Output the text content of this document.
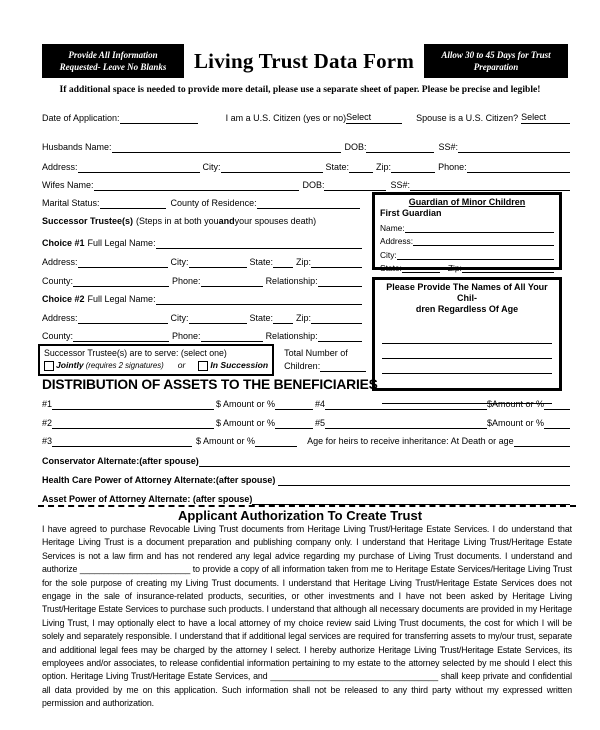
Provide All Information
Requested- Leave No Blanks	Living Trust Data Form	Allow 30 to 45 Days for Trust
Preparation
If additional space is needed to provide more detail, please use a separate sheet of paper. Please be precise and legible!
Date of Application:	I am a U.S. Citizen (yes or no) Select	Spouse is a U.S. Citizen? Select
Husbands Name:	DOB:	SS#:
Address:	City:	State:	Zip:	Phone:
Wifes Name:	DOB:	SS#:
Marital Status:	County of Residence:
Successor Trustee(s) (Steps in at both you and your spouses death)
Choice #1 Full Legal Name:
Address:	City:	State:	Zip:
County:	Phone:	Relationship:
Choice #2 Full Legal Name:
Address:	City:	State:	Zip:
County:	Phone:	Relationship:
Successor Trustee(s) are to serve: (select one)
Jointly (requires 2 signatures) or	In Succession
Total Number of
Children:
Guardian of Minor Children
First Guardian
Name:
Address:
City:
State:	Zip:
Please Provide The Names of All Your Chil-
dren Regardless Of Age
DISTRIBUTION OF ASSETS TO THE BENEFICIARIES
#1	$ Amount or %	#4	$Amount or %
#2	$ Amount or %	#5	$Amount or %
#3	$ Amount or %	Age for heirs to receive inheritance: At Death or age
Conservator Alternate:(after spouse)
Health Care Power of Attorney Alternate:(after spouse)
Asset Power of Attorney Alternate: (after spouse)
Applicant Authorization To Create Trust
I have agreed to purchase Revocable Living Trust documents from Heritage Living Trust/Heritage Estate Services. I do understand that Heritage Living Trust is a document preparation and publishing company only. I understand that Heritage Living Trust/Heritage Estate Services is not a law firm and has not rendered any legal advice regarding my purchase of Living Trust documents. I understand and authorize _______________________ to provide a copy of all information taken from me to Heritage Estate Services/Heritage Living Trust for the sole purpose of creating my Living Trust documents. I understand that Heritage Living Trust/Heritage Estate Services does not engage in the sale of insurance-related products, securities, or other investments and I have not been asked by Heritage Living Trust/Heritage Estate Services to purchase such products. I understand that although all necessary documents are provided in my Heritage Living Trust, I may optionally elect to have a local attorney of my choice review said Living Trust documents, the cost for which I will be solely and separately responsible. I understand that if additional legal services are required for transferring assets to my/our trust, separate and additional legal fees may be charged by the attorney I select. I hereby authorize Heritage Living Trust/Heritage Estate Services, its employees and/or associates, to release confidential information pertaining to my estate to the attorney selected by me should I elect this option. Heritage Living Trust/Heritage Estate Services, and ___________________________________ shall keep private and confidential all data provided by me on this application. Such information shall not be released to any third party without my expressed written permission and authorization.
